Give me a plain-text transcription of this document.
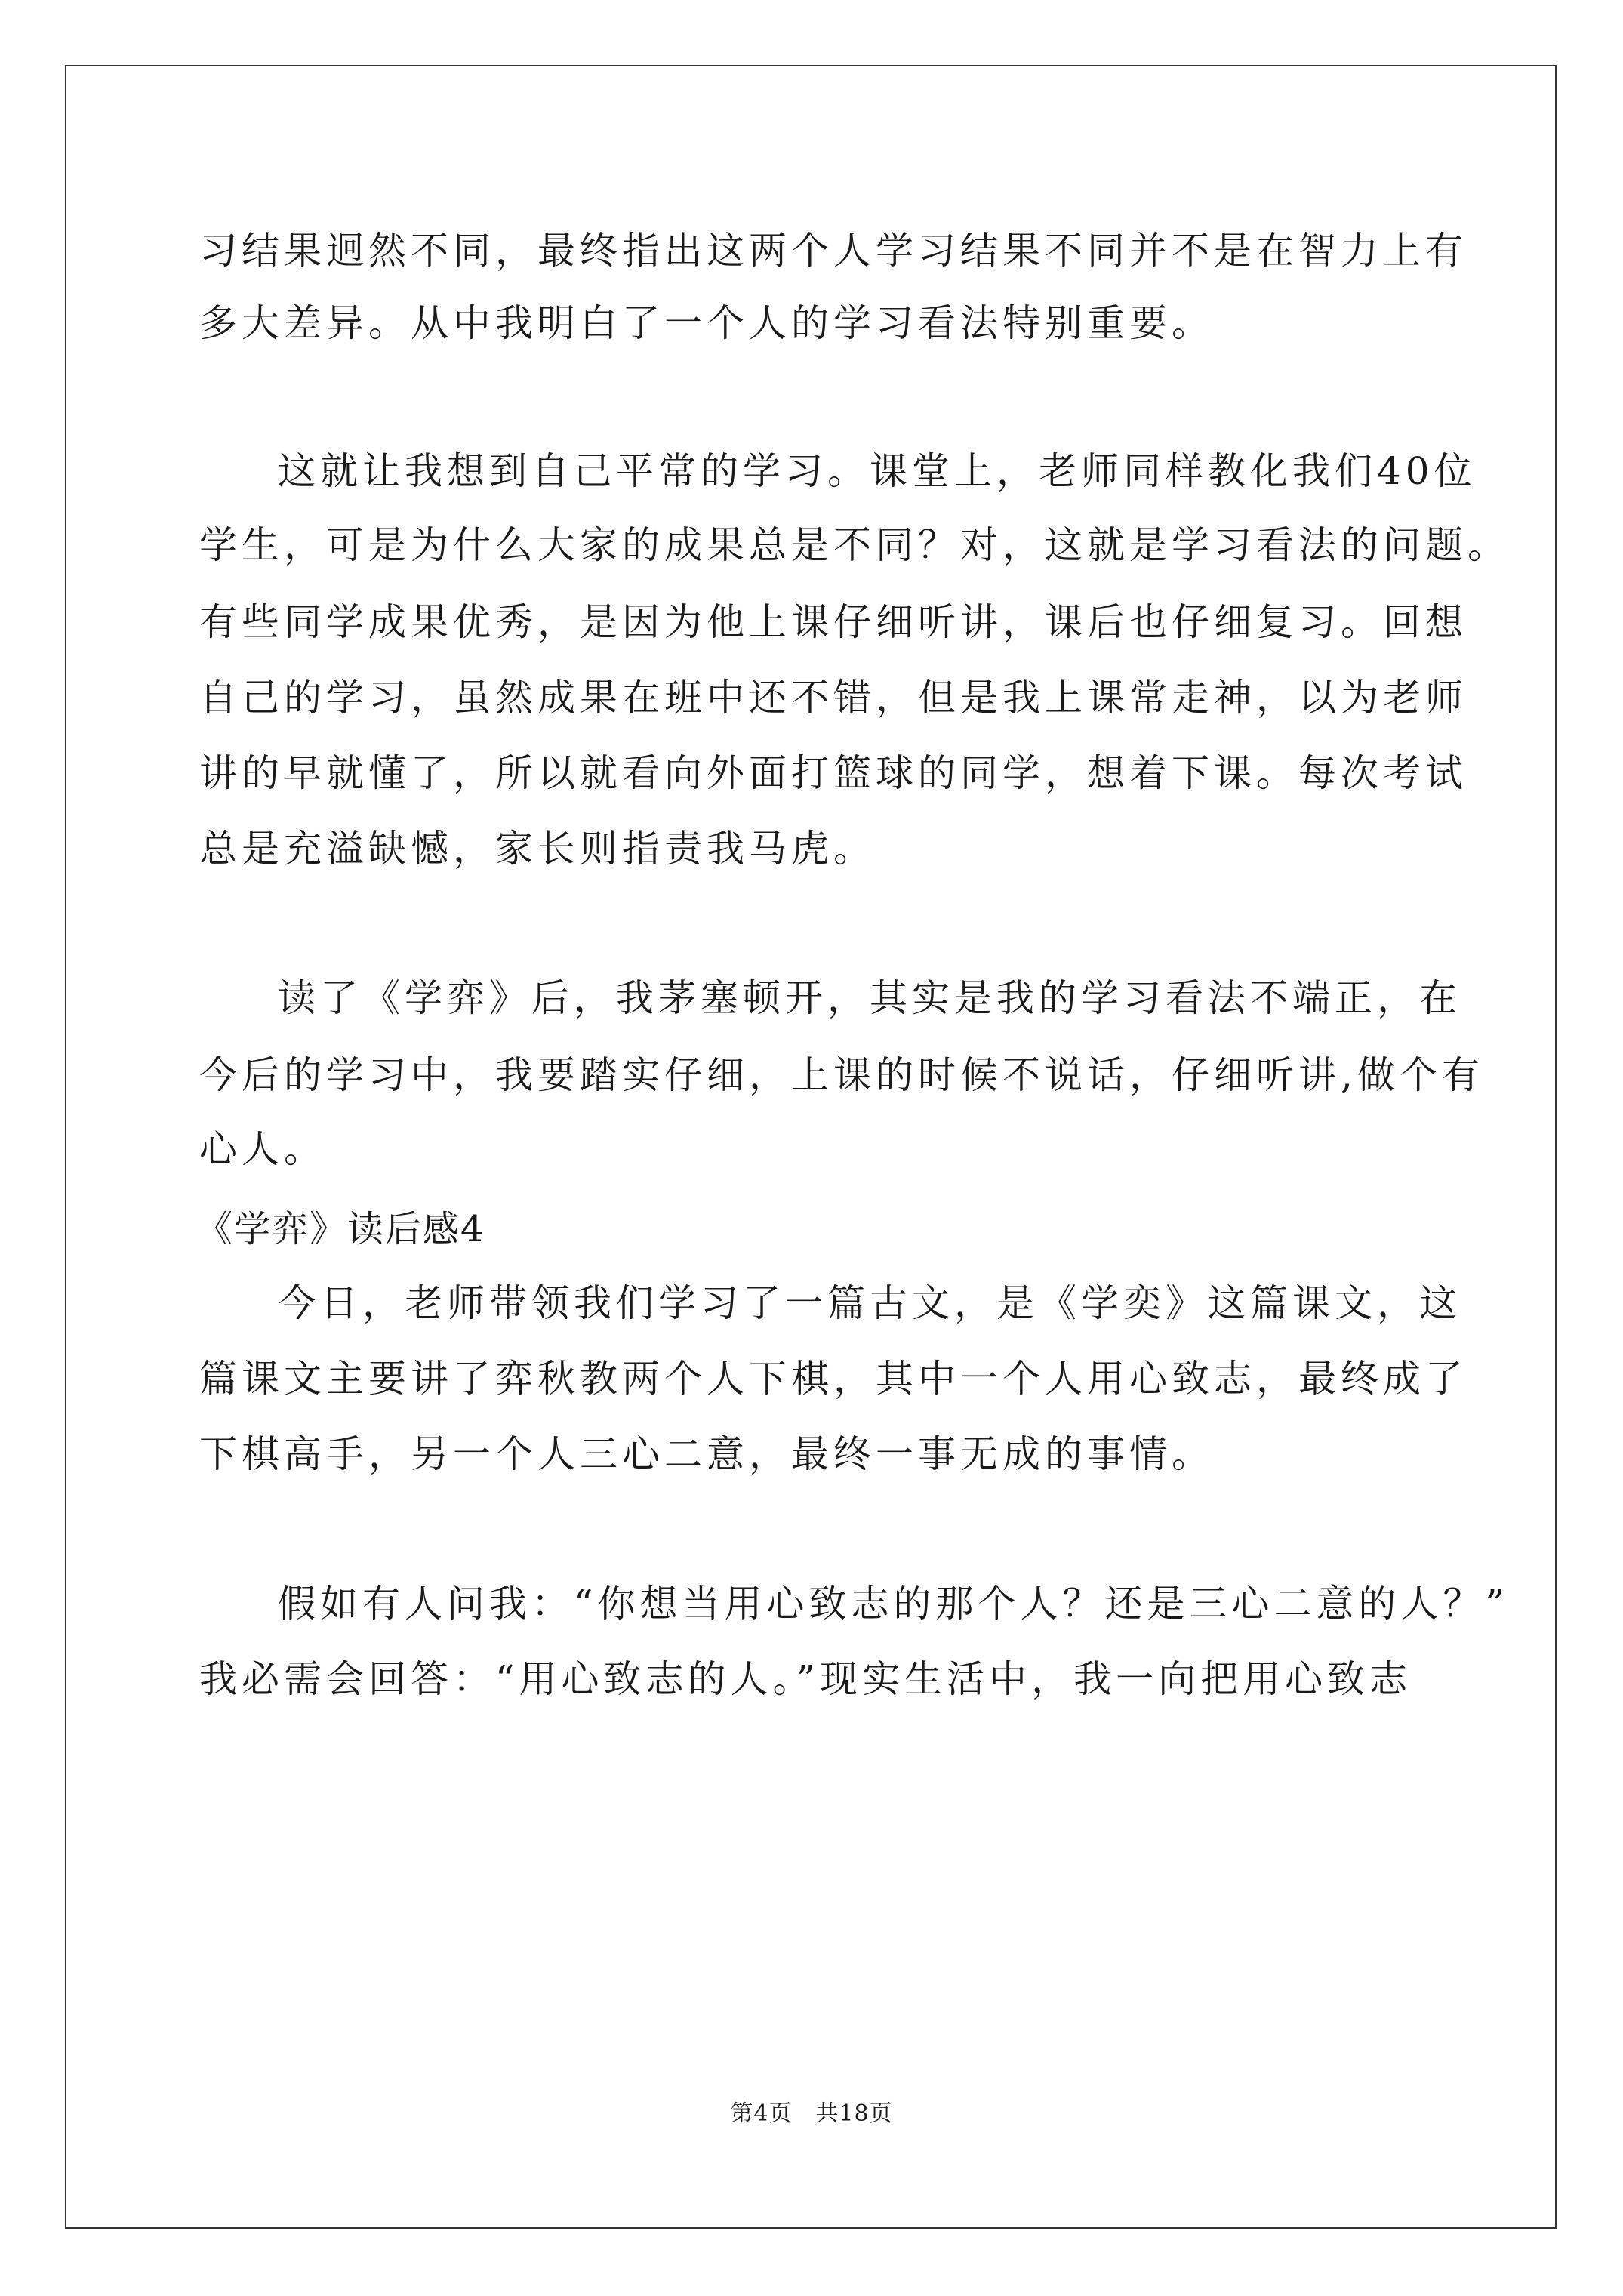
习结果迥然不同，最终指出这两个人学习结果不同并不是在智力上有
多大差异。从中我明白了一个人的学习看法特别重要。
这就让我想到自己平常的学习。课堂上，老师同样教化我们40位
学生，可是为什么大家的成果总是不同？对，这就是学习看法的问题。
有些同学成果优秀，是因为他上课仔细听讲，课后也仔细复习。回想
自己的学习，虽然成果在班中还不错，但是我上课常走神，以为老师
讲的早就懂了，所以就看向外面打篮球的同学，想着下课。每次考试
总是充溢缺憾，家长则指责我马虎。
读了《学弈》后，我茅塞顿开，其实是我的学习看法不端正，在
今后的学习中，我要踏实仔细，上课的时候不说话，仔细听讲,做个有
心人。
《学弈》读后感4
今日，老师带领我们学习了一篇古文，是《学奕》这篇课文，这
篇课文主要讲了弈秋教两个人下棋，其中一个人用心致志，最终成了
下棋高手，另一个人三心二意，最终一事无成的事情。
假如有人问我：“你想当用心致志的那个人？还是三心二意的人？”
我必需会回答：“用心致志的人。”现实生活中，我一向把用心致志
第4页　共18页
